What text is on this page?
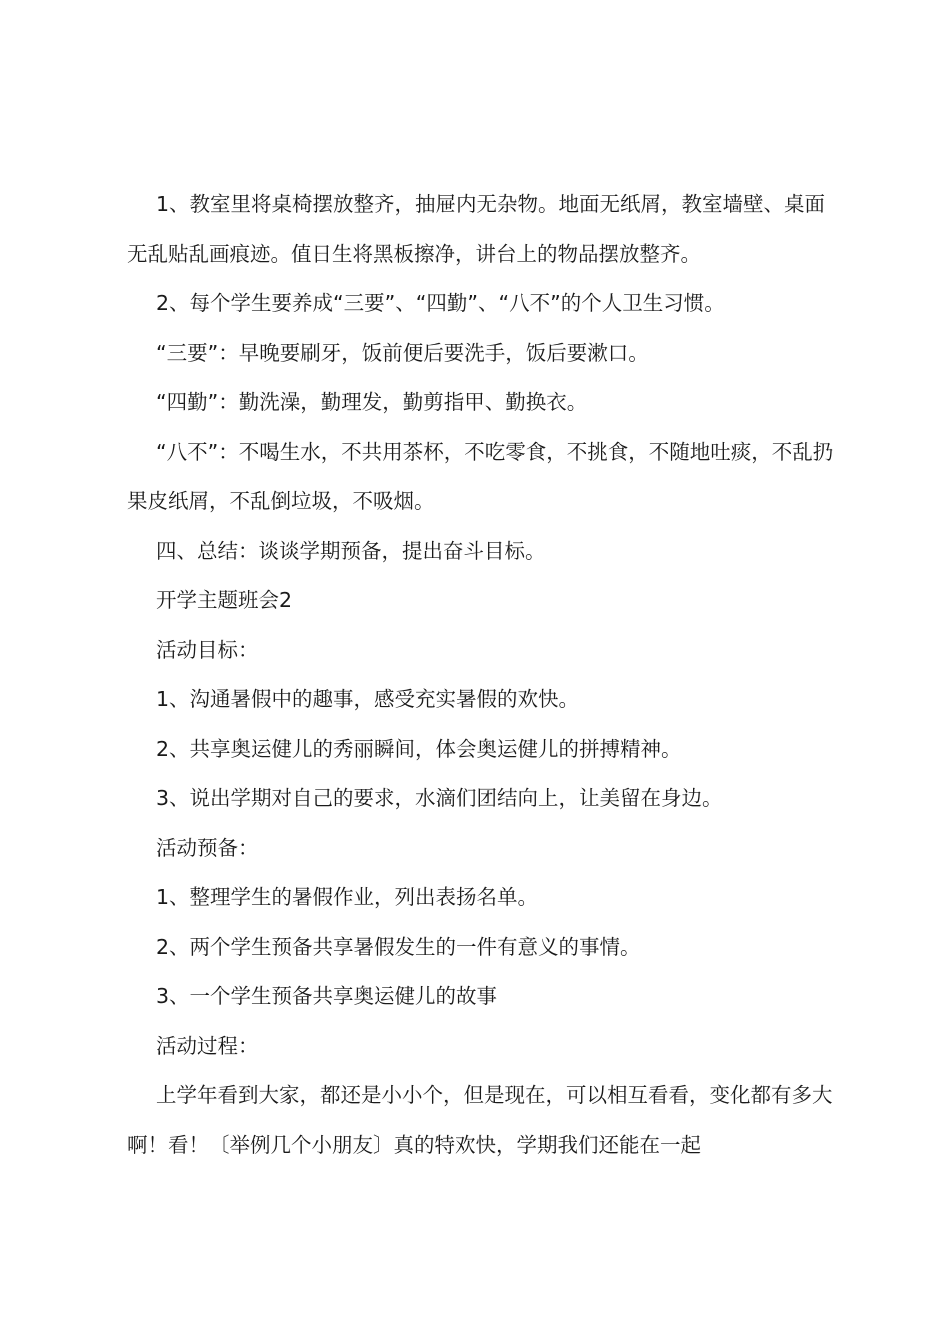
1、教室里将桌椅摆放整齐，抽屉内无杂物。地面无纸屑，教室墙壁、桌面无乱贴乱画痕迹。值日生将黑板擦净，讲台上的物品摆放整齐。

2、每个学生要养成“三要”、“四勤”、“八不”的个人卫生习惯。

“三要”：早晚要刷牙，饭前便后要洗手，饭后要漱口。

“四勤”：勤洗澡，勤理发，勤剪指甲、勤换衣。

“八不”：不喝生水，不共用茶杯，不吃零食，不挑食，不随地吐痰，不乱扔果皮纸屑，不乱倒垃圾，不吸烟。

四、总结：谈谈学期预备，提出奋斗目标。

开学主题班会2

活动目标：

1、沟通暑假中的趣事，感受充实暑假的欢快。

2、共享奥运健儿的秀丽瞬间，体会奥运健儿的拼搏精神。

3、说出学期对自己的要求，水滴们团结向上，让美留在身边。

活动预备：

1、整理学生的暑假作业，列出表扬名单。

2、两个学生预备共享暑假发生的一件有意义的事情。

3、一个学生预备共享奥运健儿的故事

活动过程：

上学年看到大家，都还是小小个，但是现在，可以相互看看，变化都有多大啊！看！〔举例几个小朋友〕真的特欢快，学期我们还能在一起
